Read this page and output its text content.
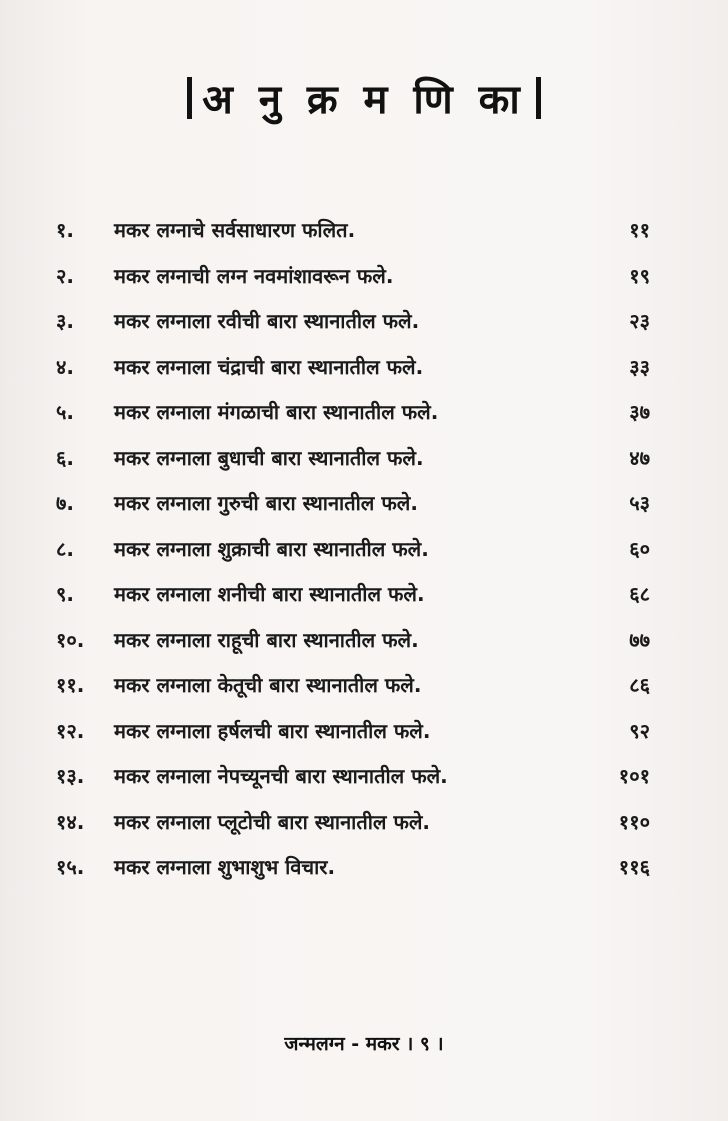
अ नु क्र म णि का
१. मकर लग्नाचे सर्वसाधारण फलित.	११
२. मकर लग्नाची लग्न नवमांशावरून फले.	१९
३. मकर लग्नाला रवीची बारा स्थानातील फले.	२३
४. मकर लग्नाला चंद्राची बारा स्थानातील फले.	३३
५. मकर लग्नाला मंगळाची बारा स्थानातील फले.	३७
६. मकर लग्नाला बुधाची बारा स्थानातील फले.	४७
७. मकर लग्नाला गुरुची बारा स्थानातील फले.	५३
८. मकर लग्नाला शुक्राची बारा स्थानातील फले.	६०
९. मकर लग्नाला शनीची बारा स्थानातील फले.	६८
१०. मकर लग्नाला राहूची बारा स्थानातील फले.	७७
११. मकर लग्नाला केतूची बारा स्थानातील फले.	८६
१२. मकर लग्नाला हर्षलची बारा स्थानातील फले.	९२
१३. मकर लग्नाला नेपच्यूनची बारा स्थानातील फले.	१०१
१४. मकर लग्नाला प्लूटोची बारा स्थानातील फले.	११०
१५. मकर लग्नाला शुभाशुभ विचार.	११६
जन्मलग्न - मकर । ९ ।
